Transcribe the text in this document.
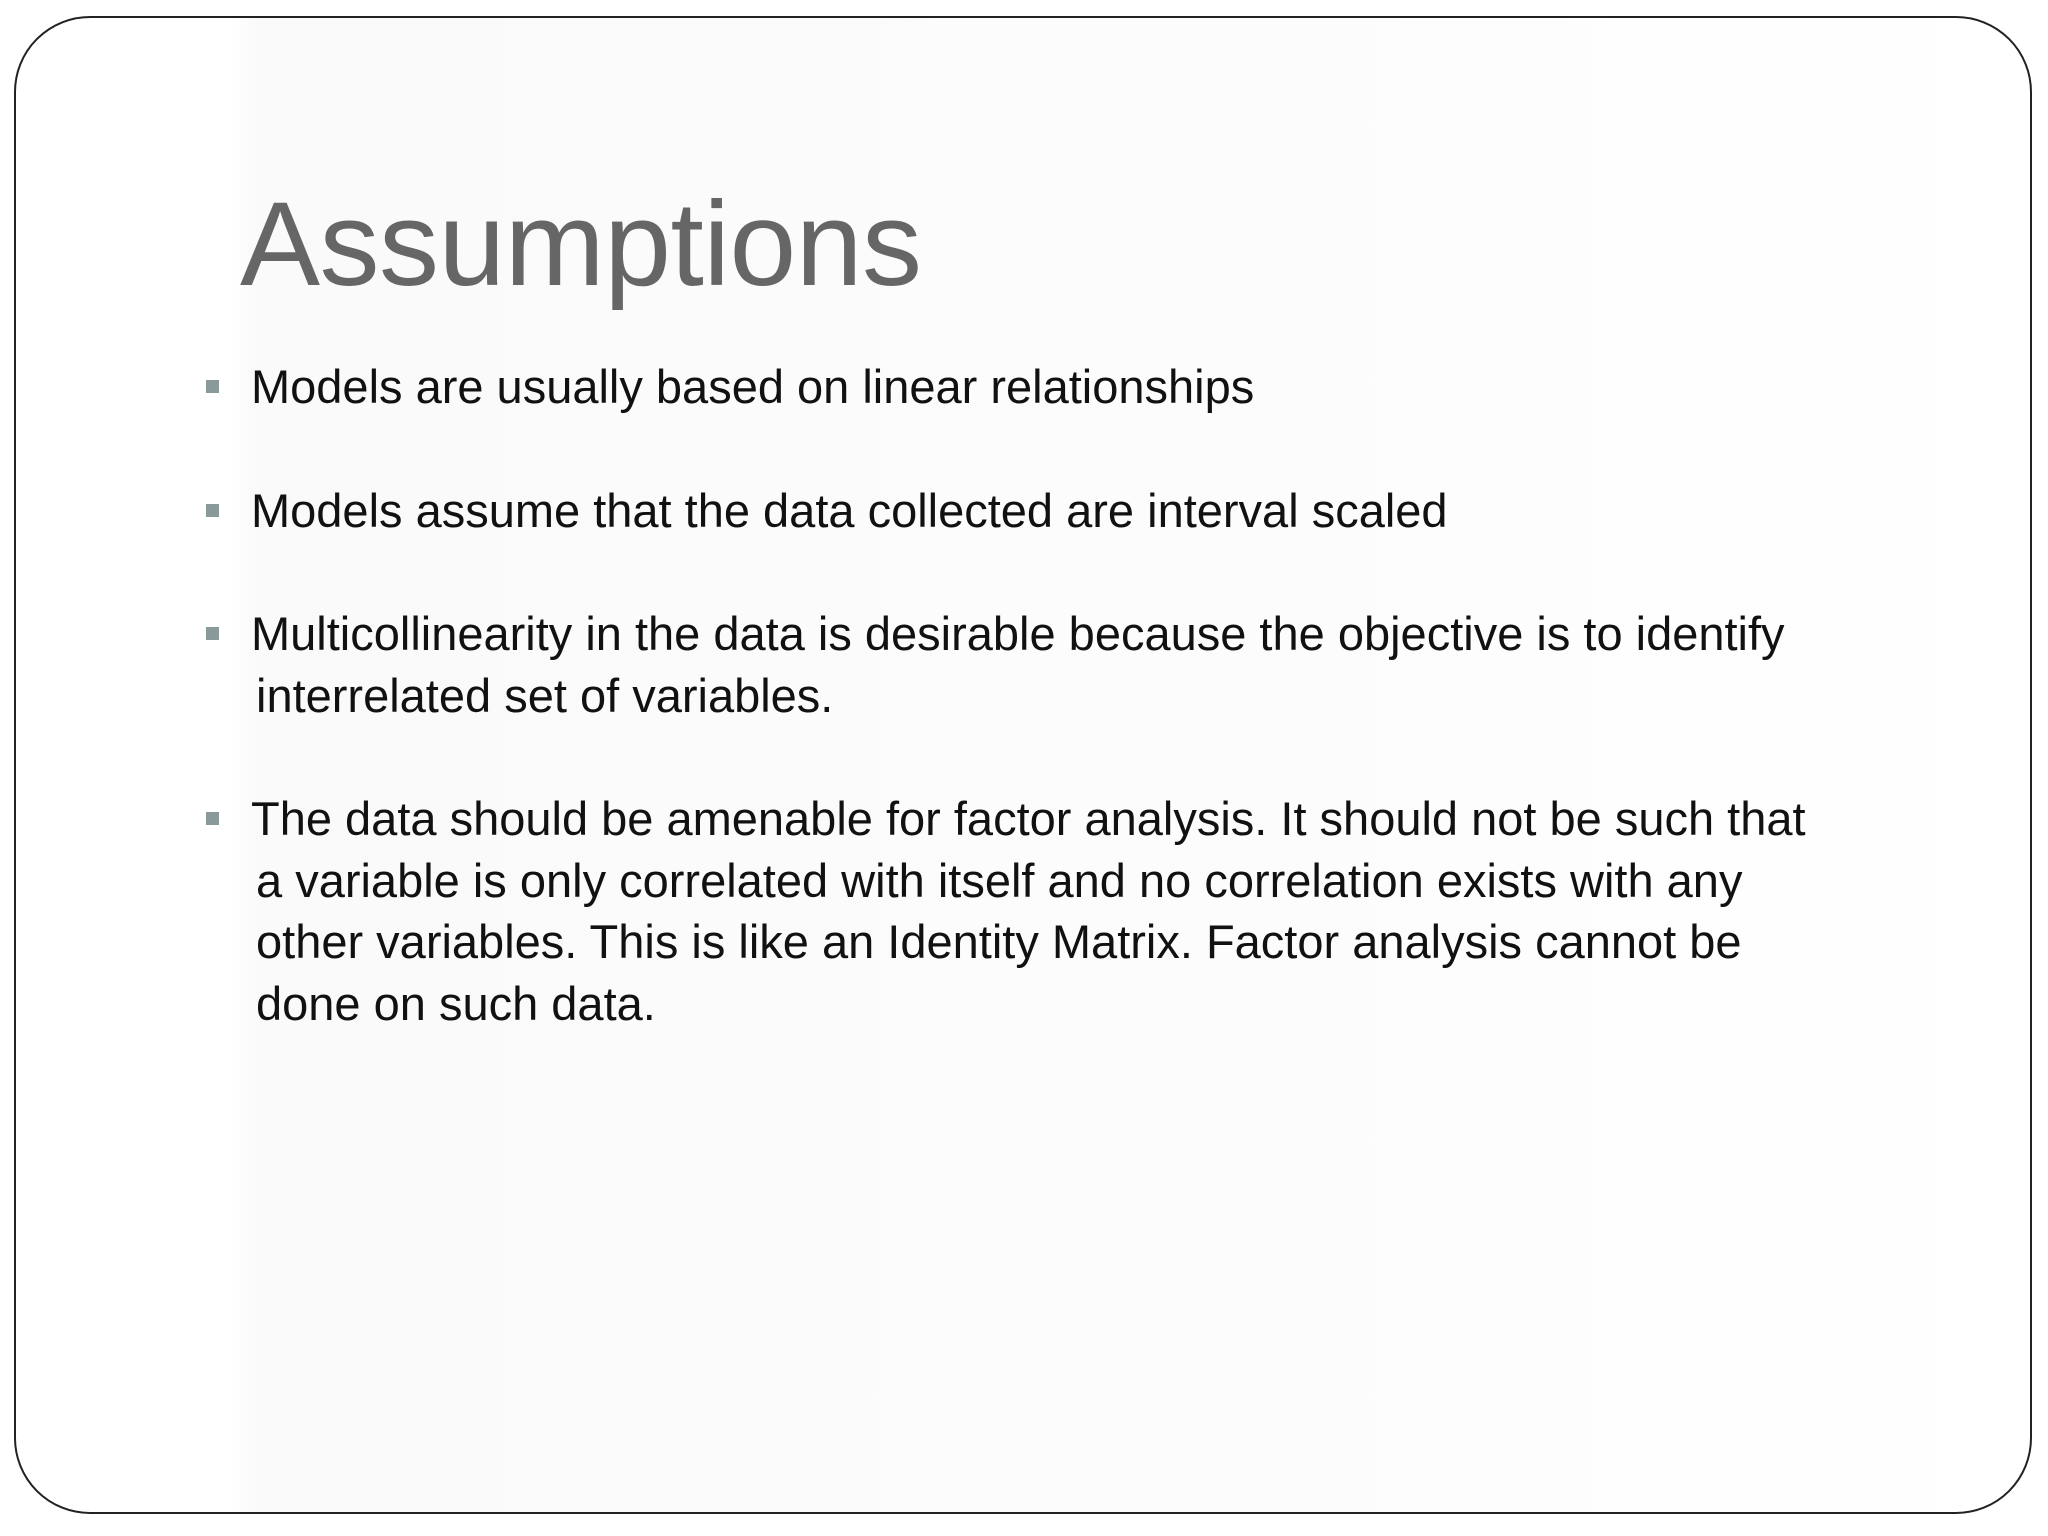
Assumptions
Models are usually based on linear relationships
Models assume that the data collected are interval scaled
Multicollinearity in the data is desirable because the objective is to identify interrelated set of variables.
The data should be amenable for factor analysis. It should not be such that a variable is only correlated with itself and no correlation exists with any other variables. This is like an Identity Matrix. Factor analysis cannot be done on such data.
